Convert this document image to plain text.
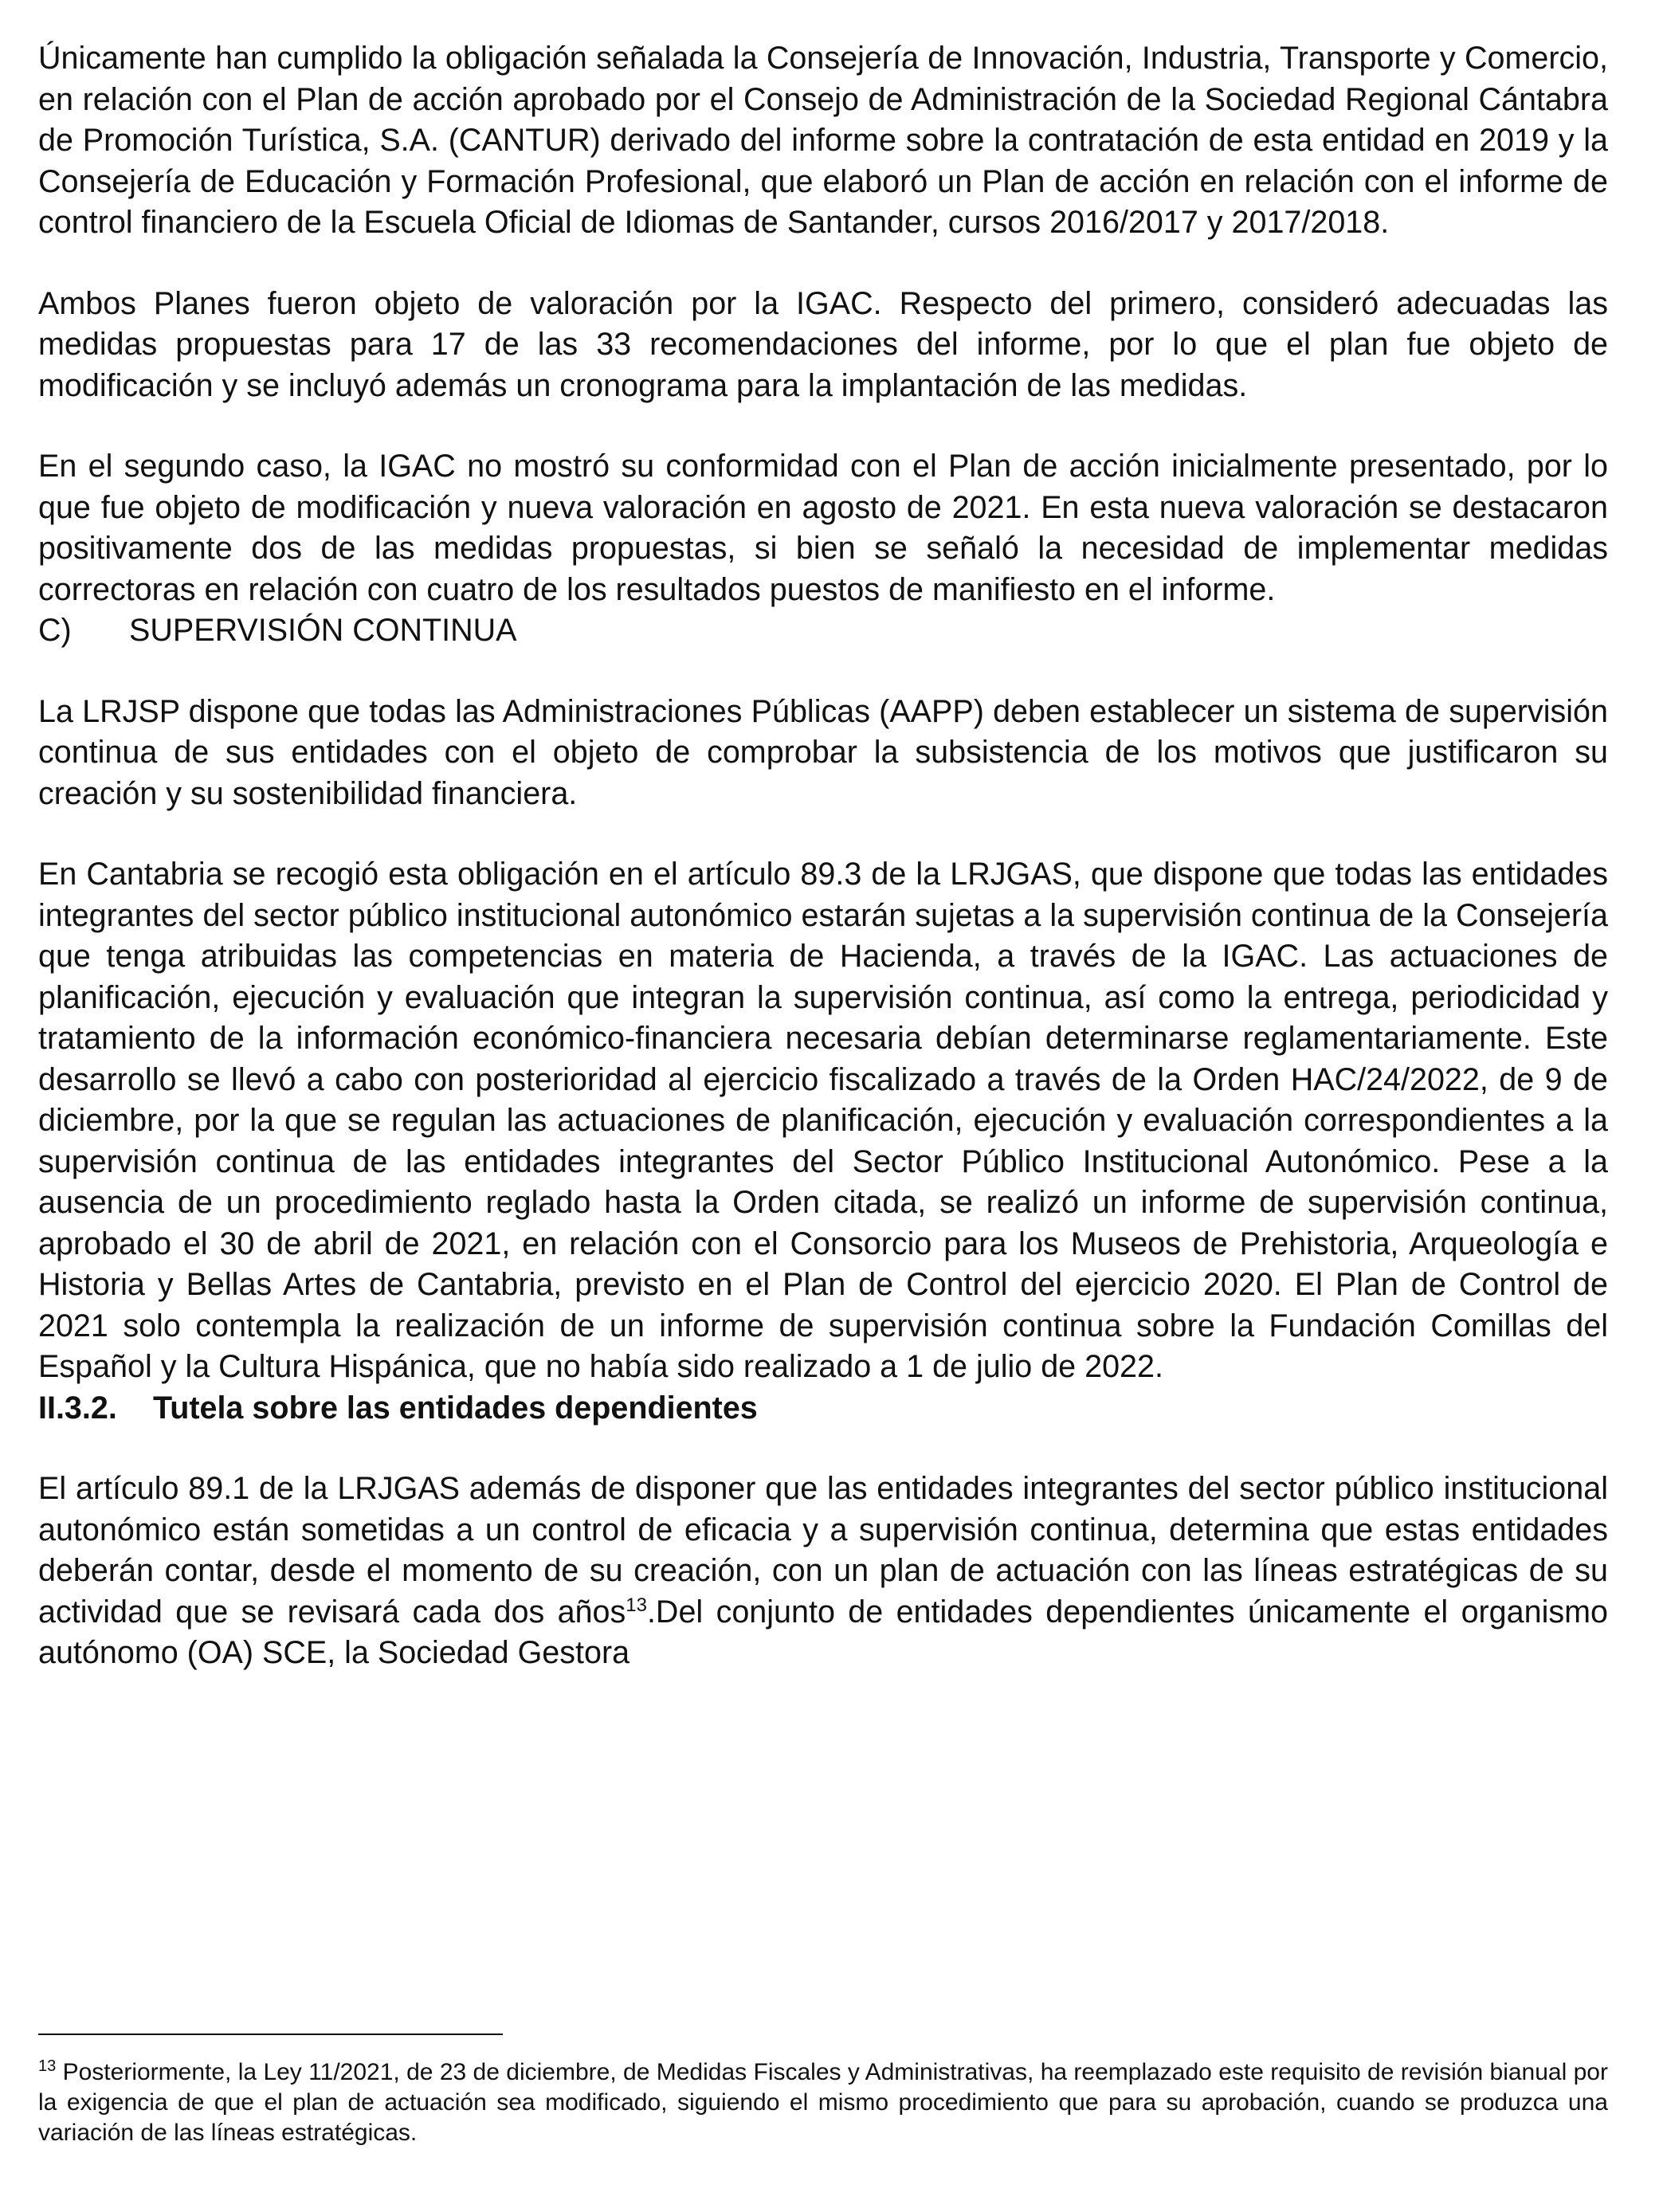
Únicamente han cumplido la obligación señalada la Consejería de Innovación, Industria, Transporte y Comercio, en relación con el Plan de acción aprobado por el Consejo de Administración de la Sociedad Regional Cántabra de Promoción Turística, S.A. (CANTUR) derivado del informe sobre la contratación de esta entidad en 2019 y la Consejería de Educación y Formación Profesional, que elaboró un Plan de acción en relación con el informe de control financiero de la Escuela Oficial de Idiomas de Santander, cursos 2016/2017 y 2017/2018.

Ambos Planes fueron objeto de valoración por la IGAC. Respecto del primero, consideró adecuadas las medidas propuestas para 17 de las 33 recomendaciones del informe, por lo que el plan fue objeto de modificación y se incluyó además un cronograma para la implantación de las medidas.

En el segundo caso, la IGAC no mostró su conformidad con el Plan de acción inicialmente presentado, por lo que fue objeto de modificación y nueva valoración en agosto de 2021. En esta nueva valoración se destacaron positivamente dos de las medidas propuestas, si bien se señaló la necesidad de implementar medidas correctoras en relación con cuatro de los resultados puestos de manifiesto en el informe.

C) SUPERVISIÓN CONTINUA

La LRJSP dispone que todas las Administraciones Públicas (AAPP) deben establecer un sistema de supervisión continua de sus entidades con el objeto de comprobar la subsistencia de los motivos que justificaron su creación y su sostenibilidad financiera.

En Cantabria se recogió esta obligación en el artículo 89.3 de la LRJGAS, que dispone que todas las entidades integrantes del sector público institucional autonómico estarán sujetas a la supervisión continua de la Consejería que tenga atribuidas las competencias en materia de Hacienda, a través de la IGAC. Las actuaciones de planificación, ejecución y evaluación que integran la supervisión continua, así como la entrega, periodicidad y tratamiento de la información económico-financiera necesaria debían determinarse reglamentariamente. Este desarrollo se llevó a cabo con posterioridad al ejercicio fiscalizado a través de la Orden HAC/24/2022, de 9 de diciembre, por la que se regulan las actuaciones de planificación, ejecución y evaluación correspondientes a la supervisión continua de las entidades integrantes del Sector Público Institucional Autonómico. Pese a la ausencia de un procedimiento reglado hasta la Orden citada, se realizó un informe de supervisión continua, aprobado el 30 de abril de 2021, en relación con el Consorcio para los Museos de Prehistoria, Arqueología e Historia y Bellas Artes de Cantabria, previsto en el Plan de Control del ejercicio 2020. El Plan de Control de 2021 solo contempla la realización de un informe de supervisión continua sobre la Fundación Comillas del Español y la Cultura Hispánica, que no había sido realizado a 1 de julio de 2022.

II.3.2. Tutela sobre las entidades dependientes

El artículo 89.1 de la LRJGAS además de disponer que las entidades integrantes del sector público institucional autonómico están sometidas a un control de eficacia y a supervisión continua, determina que estas entidades deberán contar, desde el momento de su creación, con un plan de actuación con las líneas estratégicas de su actividad que se revisará cada dos años$^{13}$.Del conjunto de entidades dependientes únicamente el organismo autónomo (OA) SCE, la Sociedad Gestora

$^{13}$ Posteriormente, la Ley 11/2021, de 23 de diciembre, de Medidas Fiscales y Administrativas, ha reemplazado este requisito de revisión bianual por la exigencia de que el plan de actuación sea modificado, siguiendo el mismo procedimiento que para su aprobación, cuando se produzca una variación de las líneas estratégicas.
